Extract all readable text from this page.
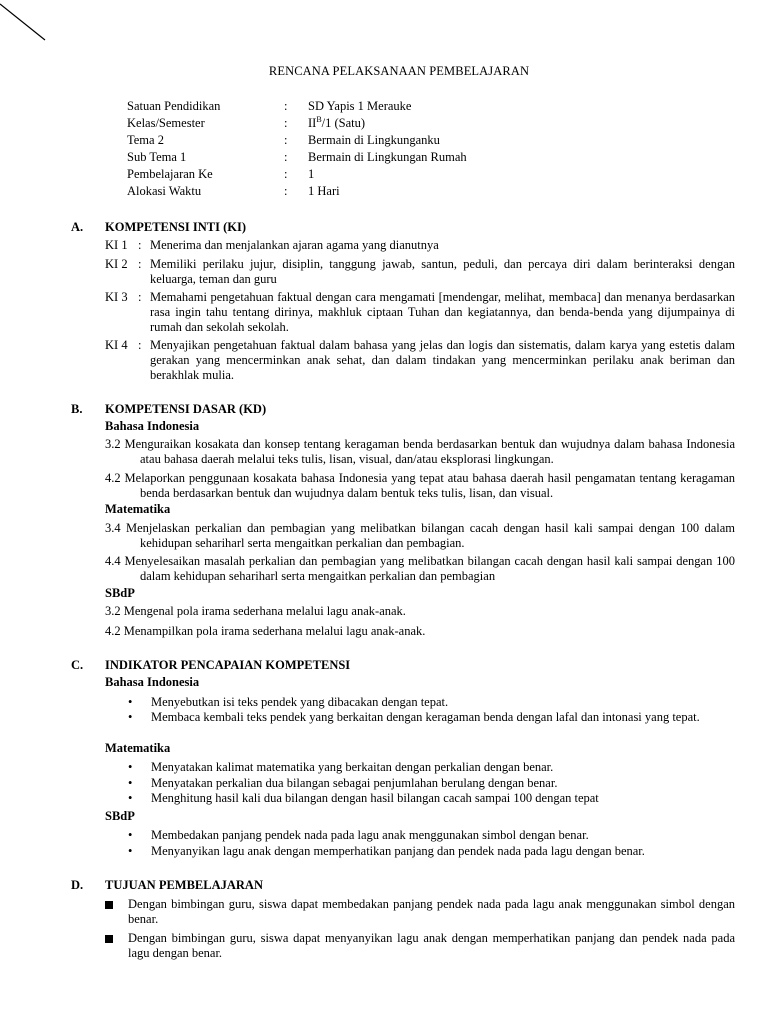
RENCANA PELAKSANAAN PEMBELAJARAN
Satuan Pendidikan	: SD Yapis 1 Merauke
Kelas/Semester	: $II^B/1$ (Satu)
Tema 2	: Bermain di Lingkunganku
Sub Tema 1	: Bermain di Lingkungan Rumah
Pembelajaran Ke	: 1
Alokasi Waktu	: 1 Hari
A. KOMPETENSI INTI (KI)
KI 1 : Menerima dan menjalankan ajaran agama yang dianutnya
KI 2 : Memiliki perilaku jujur, disiplin, tanggung jawab, santun, peduli, dan percaya diri dalam berinteraksi dengan keluarga, teman dan guru
KI 3 : Memahami pengetahuan faktual dengan cara mengamati [mendengar, melihat, membaca] dan menanya berdasarkan rasa ingin tahu tentang dirinya, makhluk ciptaan Tuhan dan kegiatannya, dan benda-benda yang dijumpainya di rumah dan sekolah sekolah.
KI 4 : Menyajikan pengetahuan faktual dalam bahasa yang jelas dan logis dan sistematis, dalam karya yang estetis dalam gerakan yang mencerminkan anak sehat, dan dalam tindakan yang mencerminkan perilaku anak beriman dan berakhlak mulia.
B. KOMPETENSI DASAR (KD)
Bahasa Indonesia
3.2 Menguraikan kosakata dan konsep tentang keragaman benda berdasarkan bentuk dan wujudnya dalam bahasa Indonesia atau bahasa daerah melalui teks tulis, lisan, visual, dan/atau eksplorasi lingkungan.
4.2 Melaporkan penggunaan kosakata bahasa Indonesia yang tepat atau bahasa daerah hasil pengamatan tentang keragaman benda berdasarkan bentuk dan wujudnya dalam bentuk teks tulis, lisan, dan visual.
Matematika
3.4 Menjelaskan perkalian dan pembagian yang melibatkan bilangan cacah dengan hasil kali sampai dengan 100 dalam kehidupan sehariharl serta mengaitkan perkalian dan pembagian.
4.4 Menyelesaikan masalah perkalian dan pembagian yang melibatkan bilangan cacah dengan hasil kali sampai dengan 100 dalam kehidupan sehariharl serta mengaitkan perkalian dan pembagian
SBdP
3.2 Mengenal pola irama sederhana melalui lagu anak-anak.
4.2 Menampilkan pola irama sederhana melalui lagu anak-anak.
C. INDIKATOR PENCAPAIAN KOMPETENSI
Bahasa Indonesia
• Menyebutkan isi teks pendek yang dibacakan dengan tepat.
• Membaca kembali teks pendek yang berkaitan dengan keragaman benda dengan lafal dan intonasi yang tepat.
Matematika
• Menyatakan kalimat matematika yang berkaitan dengan perkalian dengan benar.
• Menyatakan perkalian dua bilangan sebagai penjumlahan berulang dengan benar.
• Menghitung hasil kali dua bilangan dengan hasil bilangan cacah sampai 100 dengan tepat
SBdP
• Membedakan panjang pendek nada pada lagu anak menggunakan simbol dengan benar.
• Menyanyikan lagu anak dengan memperhatikan panjang dan pendek nada pada lagu dengan benar.
D. TUJUAN PEMBELAJARAN
Dengan bimbingan guru, siswa dapat membedakan panjang pendek nada pada lagu anak menggunakan simbol dengan benar.
Dengan bimbingan guru, siswa dapat menyanyikan lagu anak dengan memperhatikan panjang dan pendek nada pada lagu dengan benar.
